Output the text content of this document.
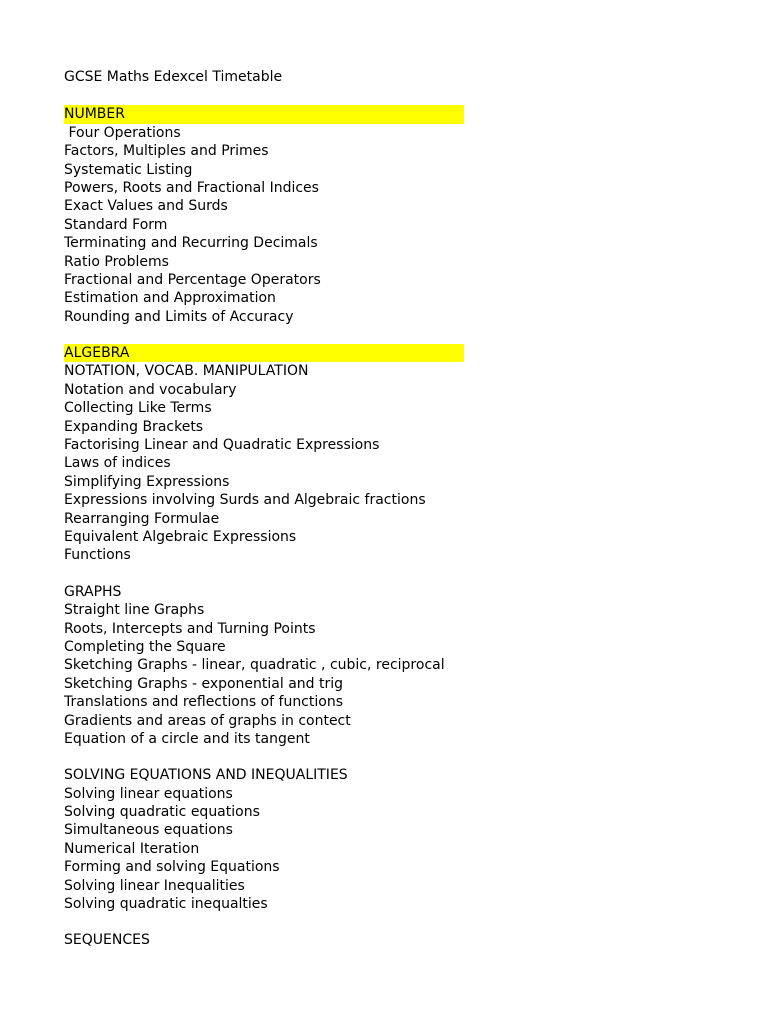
GCSE Maths Edexcel Timetable
NUMBER
Four Operations
Factors, Multiples and Primes
Systematic Listing
Powers, Roots and Fractional Indices
Exact Values and Surds
Standard Form
Terminating and Recurring Decimals
Ratio Problems
Fractional and Percentage Operators
Estimation and Approximation
Rounding and Limits of Accuracy
ALGEBRA
NOTATION, VOCAB. MANIPULATION
Notation and vocabulary
Collecting Like Terms
Expanding Brackets
Factorising Linear and Quadratic Expressions
Laws of indices
Simplifying Expressions
Expressions involving Surds and Algebraic fractions
Rearranging Formulae
Equivalent Algebraic Expressions
Functions
GRAPHS
Straight line Graphs
Roots, Intercepts and Turning Points
Completing the Square
Sketching Graphs - linear, quadratic , cubic, reciprocal
Sketching Graphs - exponential and trig
Translations and reflections of functions
Gradients and areas of graphs in contect
Equation of a circle and its tangent
SOLVING EQUATIONS AND INEQUALITIES
Solving linear equations
Solving quadratic equations
Simultaneous equations
Numerical Iteration
Forming and solving Equations
Solving linear Inequalities
Solving quadratic inequalties
SEQUENCES
